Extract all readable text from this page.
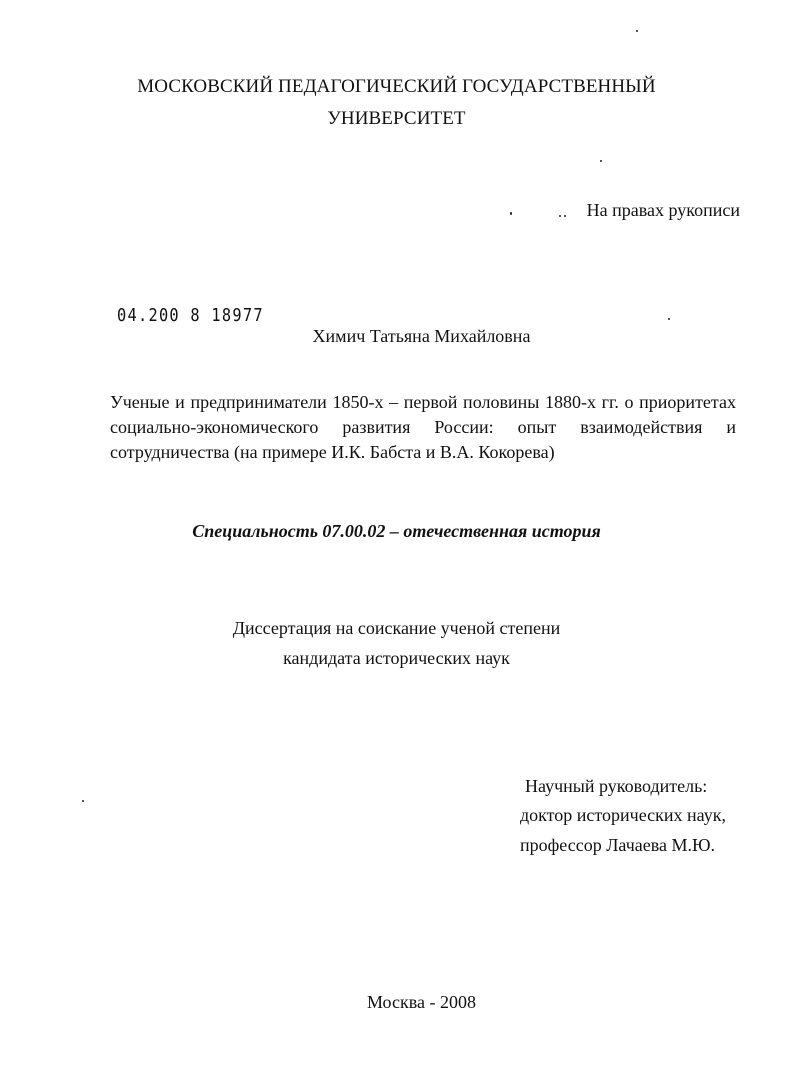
МОСКОВСКИЙ ПЕДАГОГИЧЕСКИЙ ГОСУДАРСТВЕННЫЙ
УНИВЕРСИТЕТ
На правах рукописи
04.200 8 18977
Химич Татьяна Михайловна
Ученые и предприниматели 1850-х – первой половины 1880-х гг. о приоритетах социально-экономического развития России: опыт взаимодействия и сотрудничества (на примере И.К. Бабста и В.А. Кокорева)
Специальность 07.00.02 – отечественная история
Диссертация на соискание ученой степени
кандидата исторических наук
Научный руководитель:
доктор исторических наук,
профессор Лачаева М.Ю.
Москва - 2008
